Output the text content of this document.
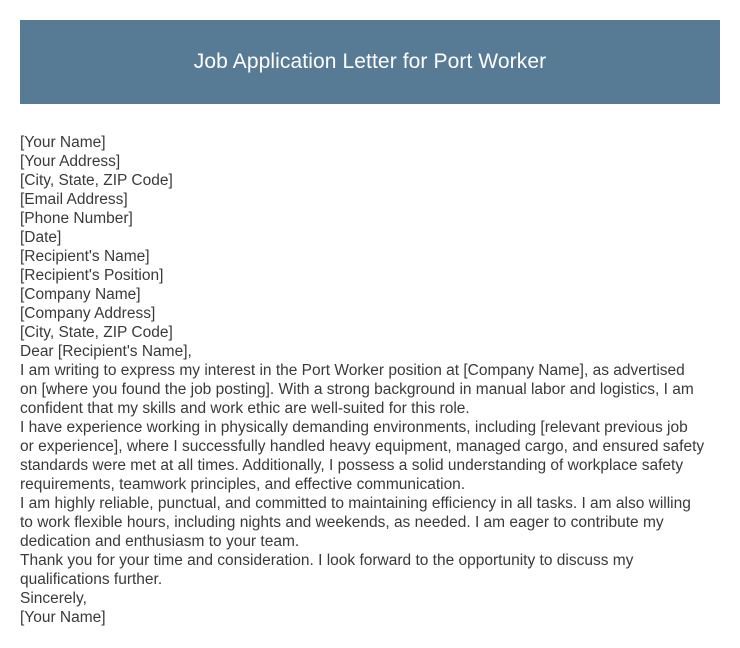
Job Application Letter for Port Worker
[Your Name]
[Your Address]
[City, State, ZIP Code]
[Email Address]
[Phone Number]
[Date]
[Recipient's Name]
[Recipient's Position]
[Company Name]
[Company Address]
[City, State, ZIP Code]
Dear [Recipient's Name],
I am writing to express my interest in the Port Worker position at [Company Name], as advertised
on [where you found the job posting]. With a strong background in manual labor and logistics, I am
confident that my skills and work ethic are well-suited for this role.
I have experience working in physically demanding environments, including [relevant previous job
or experience], where I successfully handled heavy equipment, managed cargo, and ensured safety
standards were met at all times. Additionally, I possess a solid understanding of workplace safety
requirements, teamwork principles, and effective communication.
I am highly reliable, punctual, and committed to maintaining efficiency in all tasks. I am also willing
to work flexible hours, including nights and weekends, as needed. I am eager to contribute my
dedication and enthusiasm to your team.
Thank you for your time and consideration. I look forward to the opportunity to discuss my
qualifications further.
Sincerely,
[Your Name]
